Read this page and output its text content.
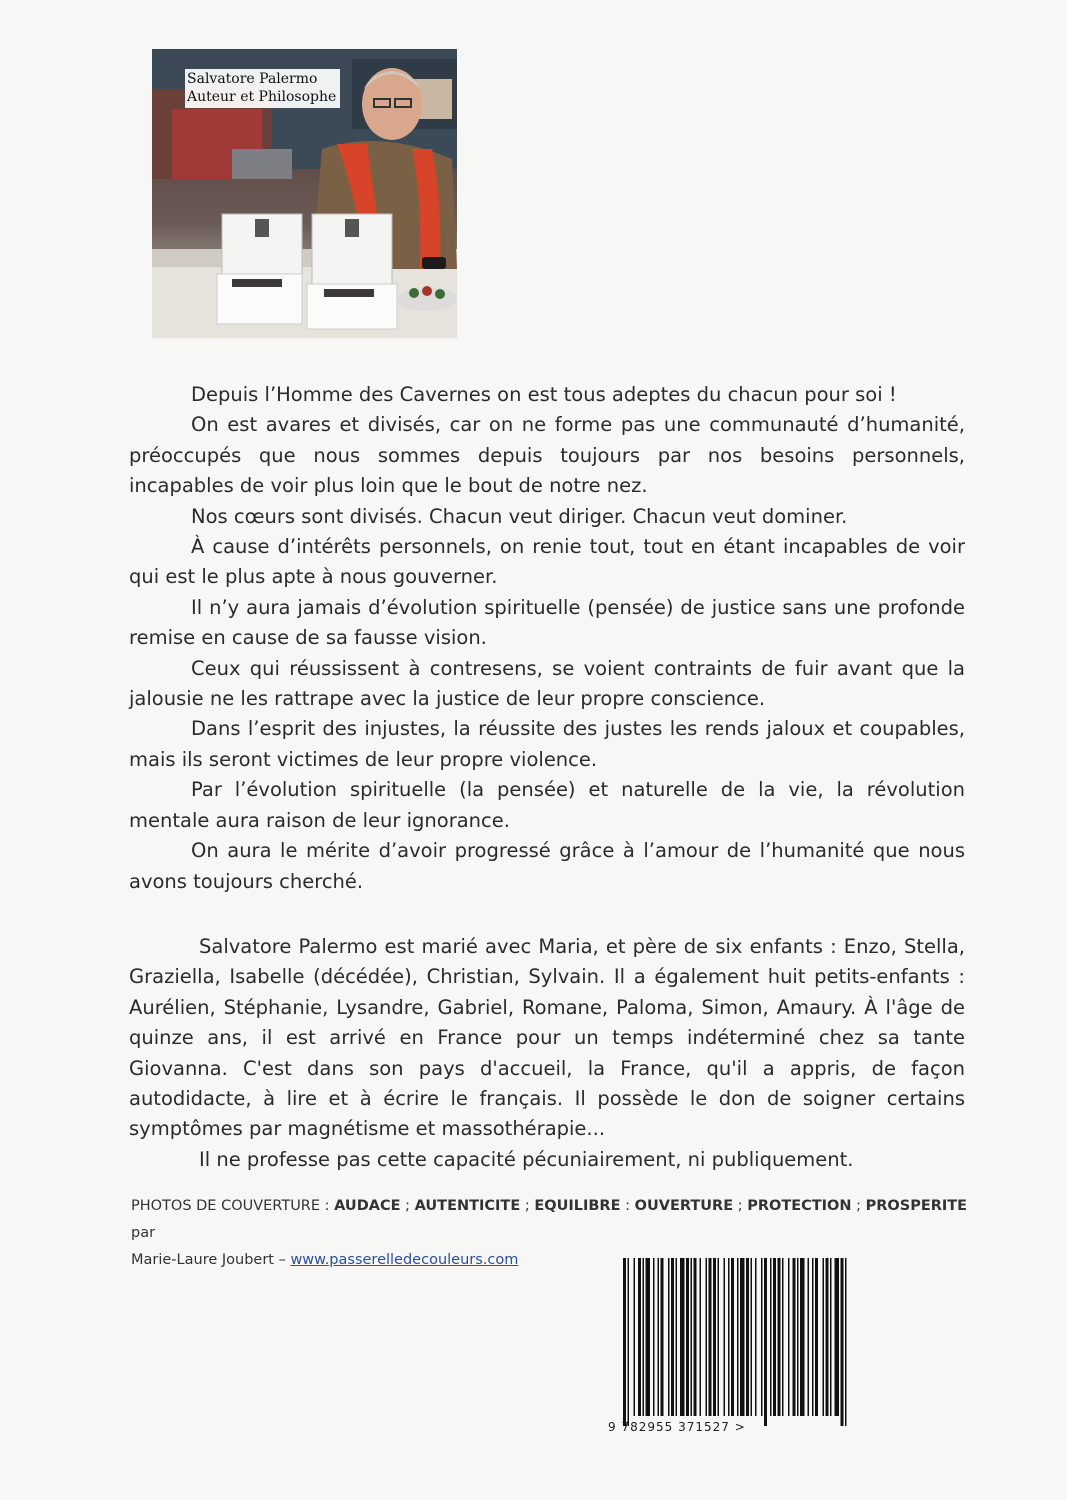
Salvatore Palermo
Auteur et Philosophe

Depuis l’Homme des Cavernes on est tous adeptes du chacun pour soi !

On est avares et divisés, car on ne forme pas une communauté d’humanité, préoccupés que nous sommes depuis toujours par nos besoins personnels, incapables de voir plus loin que le bout de notre nez.

Nos cœurs sont divisés. Chacun veut diriger. Chacun veut dominer.

À cause d’intérêts personnels, on renie tout, tout en étant incapables de voir qui est le plus apte à nous gouverner.

Il n’y aura jamais d’évolution spirituelle (pensée) de justice sans une profonde remise en cause de sa fausse vision.

Ceux qui réussissent à contresens, se voient contraints de fuir avant que la jalousie ne les rattrape avec la justice de leur propre conscience.

Dans l’esprit des injustes, la réussite des justes les rends jaloux et coupables, mais ils seront victimes de leur propre violence.

Par l’évolution spirituelle (la pensée) et naturelle de la vie, la révolution mentale aura raison de leur ignorance.

On aura le mérite d’avoir progressé grâce à l’amour de l’humanité que nous avons toujours cherché.

Salvatore Palermo est marié avec Maria, et père de six enfants : Enzo, Stella, Graziella, Isabelle (décédée), Christian, Sylvain. Il a également huit petits-enfants : Aurélien, Stéphanie, Lysandre, Gabriel, Romane, Paloma, Simon, Amaury. À l'âge de quinze ans, il est arrivé en France pour un temps indéterminé chez sa tante Giovanna. C'est dans son pays d'accueil, la France, qu'il a appris, de façon autodidacte, à lire et à écrire le français. Il possède le don de soigner certains symptômes par magnétisme et massothérapie...

Il ne professe pas cette capacité pécuniairement, ni publiquement.

PHOTOS DE COUVERTURE : AUDACE ; AUTENTICITE ; EQUILIBRE : OUVERTURE ; PROTECTION ; PROSPERITE par
Marie-Laure Joubert – www.passerelledecouleurs.com
9 782955 371527 >
